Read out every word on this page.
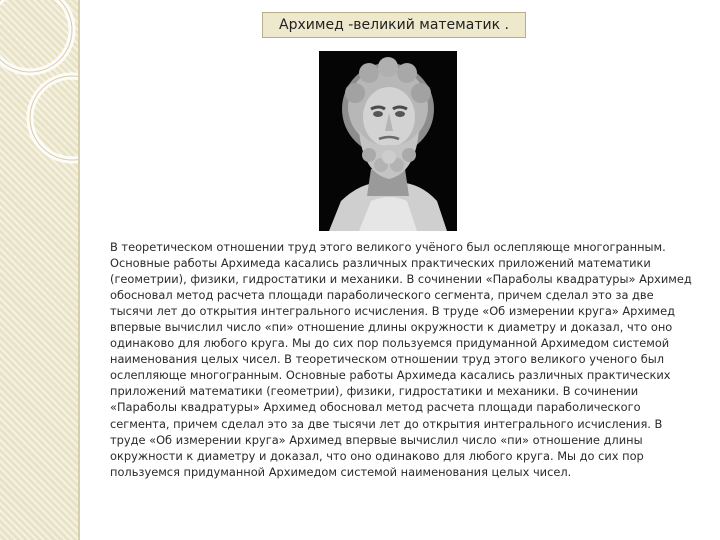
Архимед -великий математик .

В теоретическом отношении труд этого великого учёного был ослепляюще многогранным. Основные работы Архимеда касались различных практических приложений математики (геометрии), физики, гидростатики и механики. В сочинении «Параболы квадратуры» Архимед обосновал метод расчета площади параболического сегмента, причем сделал это за две тысячи лет до открытия интегрального исчисления. В труде «Об измерении круга» Архимед впервые вычислил число «пи» отношение длины окружности к диаметру и доказал, что оно одинаково для любого круга. Мы до сих пор пользуемся придуманной Архимедом системой наименования целых чисел. В теоретическом отношении труд этого великого ученого был ослепляюще многогранным. Основные работы Архимеда касались различных практических приложений математики (геометрии), физики, гидростатики и механики. В сочинении «Параболы квадратуры» Архимед обосновал метод расчета площади параболического сегмента, причем сделал это за две тысячи лет до открытия интегрального исчисления. В труде «Об измерении круга» Архимед впервые вычислил число «пи» отношение длины окружности к диаметру и доказал, что оно одинаково для любого круга. Мы до сих пор пользуемся придуманной Архимедом системой наименования целых чисел.
